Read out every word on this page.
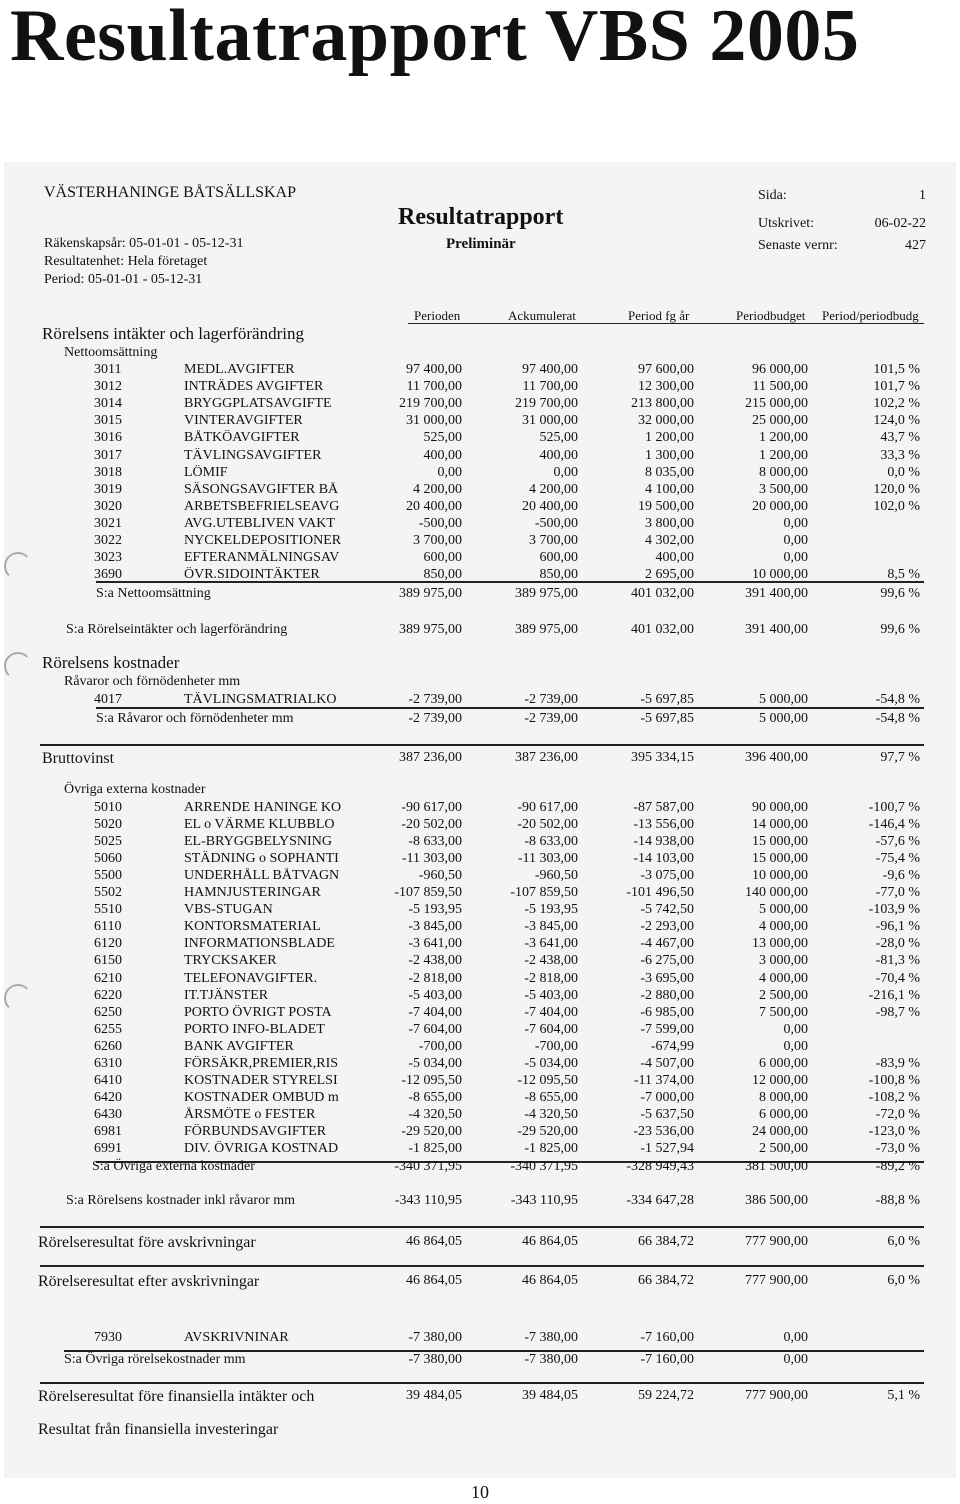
Resultatrapport VBS 2005
VÄSTERHANINGE BÅTSÄLLSKAP
Resultatrapport
Preliminär
Räkenskapsår: 05-01-01 - 05-12-31
Resultatenhet: Hela företaget
Period: 05-01-01 - 05-12-31
Sida:	1
Utskrivet:	06-02-22
Senaste vernr:	427
Perioden	Ackumulerat	Period fg år	Periodbudget Period/periodbudg
Rörelsens intäkter och lagerförändring
Nettoomsättning
Rörelsens kostnader
Råvaror och förnödenheter mm
Övriga externa kostnader
3011	MEDL.AVGIFTER	97 400,00	97 400,00	97 600,00	96 000,00	101,5 %
3012	INTRÄDES AVGIFTER	11 700,00	11 700,00	12 300,00	11 500,00	101,7 %
3014	BRYGGPLATSAVGIFTE	219 700,00	219 700,00	213 800,00	215 000,00	102,2 %
3015	VINTERAVGIFTER	31 000,00	31 000,00	32 000,00	25 000,00	124,0 %
3016	BÅTKÖAVGIFTER	525,00	525,00	1 200,00	1 200,00	43,7 %
3017	TÄVLINGSAVGIFTER	400,00	400,00	1 300,00	1 200,00	33,3 %
3018	LÖMIF	0,00	0,00	8 035,00	8 000,00	0,0 %
3019	SÄSONGSAVGIFTER BÅ	4 200,00	4 200,00	4 100,00	3 500,00	120,0 %
3020	ARBETSBEFRIELSEAVG	20 400,00	20 400,00	19 500,00	20 000,00	102,0 %
3021	AVG.UTEBLIVEN VAKT	-500,00	-500,00	3 800,00	0,00
3022	NYCKELDEPOSITIONER	3 700,00	3 700,00	4 302,00	0,00
3023	EFTERANMÄLNINGSAV	600,00	600,00	400,00	0,00
3690	ÖVR.SIDOINTÄKTER	850,00	850,00	2 695,00	10 000,00	8,5 %
S:a Nettoomsättning	389 975,00	389 975,00	401 032,00	391 400,00	99,6 %
S:a Rörelseintäkter och lagerförändring	389 975,00	389 975,00	401 032,00	391 400,00	99,6 %
4017	TÄVLINGSMATRIALKO	-2 739,00	-2 739,00	-5 697,85	5 000,00	-54,8 %
S:a Råvaror och förnödenheter mm	-2 739,00	-2 739,00	-5 697,85	5 000,00	-54,8 %
Bruttovinst	387 236,00	387 236,00	395 334,15	396 400,00	97,7 %
5010	ARRENDE HANINGE KO	-90 617,00	-90 617,00	-87 587,00	90 000,00	-100,7 %
5020	EL o VÄRME KLUBBLO	-20 502,00	-20 502,00	-13 556,00	14 000,00	-146,4 %
5025	EL-BRYGGBELYSNING	-8 633,00	-8 633,00	-14 938,00	15 000,00	-57,6 %
5060	STÄDNING o SOPHANTI	-11 303,00	-11 303,00	-14 103,00	15 000,00	-75,4 %
5500	UNDERHÅLL BÅTVAGN	-960,50	-960,50	-3 075,00	10 000,00	-9,6 %
5502	HAMNJUSTERINGAR	-107 859,50	-107 859,50	-101 496,50	140 000,00	-77,0 %
5510	VBS-STUGAN	-5 193,95	-5 193,95	-5 742,50	5 000,00	-103,9 %
6110	KONTORSMATERIAL	-3 845,00	-3 845,00	-2 293,00	4 000,00	-96,1 %
6120	INFORMATIONSBLADE	-3 641,00	-3 641,00	-4 467,00	13 000,00	-28,0 %
6150	TRYCKSAKER	-2 438,00	-2 438,00	-6 275,00	3 000,00	-81,3 %
6210	TELEFONAVGIFTER.	-2 818,00	-2 818,00	-3 695,00	4 000,00	-70,4 %
6220	IT.TJÄNSTER	-5 403,00	-5 403,00	-2 880,00	2 500,00	-216,1 %
6250	PORTO ÖVRIGT POSTA	-7 404,00	-7 404,00	-6 985,00	7 500,00	-98,7 %
6255	PORTO INFO-BLADET	-7 604,00	-7 604,00	-7 599,00	0,00
6260	BANK AVGIFTER	-700,00	-700,00	-674,99	0,00
6310	FÖRSÄKR,PREMIER,RIS	-5 034,00	-5 034,00	-4 507,00	6 000,00	-83,9 %
6410	KOSTNADER STYRELSI	-12 095,50	-12 095,50	-11 374,00	12 000,00	-100,8 %
6420	KOSTNADER OMBUD m	-8 655,00	-8 655,00	-7 000,00	8 000,00	-108,2 %
6430	ÅRSMÖTE o FESTER	-4 320,50	-4 320,50	-5 637,50	6 000,00	-72,0 %
6981	FÖRBUNDSAVGIFTER	-29 520,00	-29 520,00	-23 536,00	24 000,00	-123,0 %
6991	DIV. ÖVRIGA KOSTNAD	-1 825,00	-1 825,00	-1 527,94	2 500,00	-73,0 %
S:a Övriga externa kostnader	-340 371,95	-340 371,95	-328 949,43	381 500,00	-89,2 %
S:a Rörelsens kostnader inkl råvaror mm	-343 110,95	-343 110,95	-334 647,28	386 500,00	-88,8 %
Rörelseresultat före avskrivningar	46 864,05	46 864,05	66 384,72	777 900,00	6,0 %
Rörelseresultat efter avskrivningar	46 864,05	46 864,05	66 384,72	777 900,00	6,0 %
7930	AVSKRIVNINAR	-7 380,00	-7 380,00	-7 160,00	0,00
S:a Övriga rörelsekostnader mm	-7 380,00	-7 380,00	-7 160,00	0,00
Rörelseresultat före finansiella intäkter och	39 484,05	39 484,05	59 224,72	777 900,00	5,1 %
Resultat från finansiella investeringar
10
